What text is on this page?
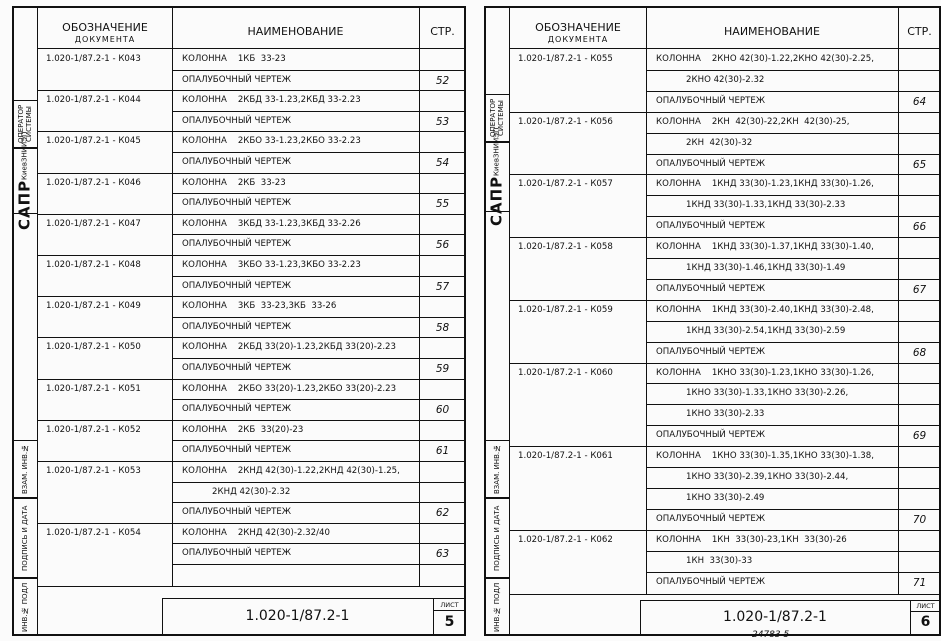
ОПЕРАТОР
СИСТЕМЫ
САПР
КиевЗНИИЭП
ВЗАМ. ИНВ.№
ПОДПИСЬ И ДАТА
ИНВ.№ ПОДЛ
ОБОЗНАЧЕНИЕ
ДОКУМЕНТА
НАИМЕНОВАНИЕ	СТР.
1.020-1/87.2-1 - К043	КОЛОННА    1КБ  33-23
ОПАЛУБОЧНЫЙ ЧЕРТЕЖ	52
1.020-1/87.2-1 - К044	КОЛОННА    2КБД 33-1.23,2КБД 33-2.23
ОПАЛУБОЧНЫЙ ЧЕРТЕЖ	53
1.020-1/87.2-1 - К045	КОЛОННА    2КБО 33-1.23,2КБО 33-2.23
ОПАЛУБОЧНЫЙ ЧЕРТЕЖ	54
1.020-1/87.2-1 - К046	КОЛОННА    2КБ  33-23
ОПАЛУБОЧНЫЙ ЧЕРТЕЖ	55
1.020-1/87.2-1 - К047	КОЛОННА    3КБД 33-1.23,3КБД 33-2.26
ОПАЛУБОЧНЫЙ ЧЕРТЕЖ	56
1.020-1/87.2-1 - К048	КОЛОННА    3КБО 33-1.23,3КБО 33-2.23
ОПАЛУБОЧНЫЙ ЧЕРТЕЖ	57
1.020-1/87.2-1 - К049	КОЛОННА    3КБ  33-23,3КБ  33-26
ОПАЛУБОЧНЫЙ ЧЕРТЕЖ	58
1.020-1/87.2-1 - К050	КОЛОННА    2КБД 33(20)-1.23,2КБД 33(20)-2.23
ОПАЛУБОЧНЫЙ ЧЕРТЕЖ	59
1.020-1/87.2-1 - К051	КОЛОННА    2КБО 33(20)-1.23,2КБО 33(20)-2.23
ОПАЛУБОЧНЫЙ ЧЕРТЕЖ	60
1.020-1/87.2-1 - К052	КОЛОННА    2КБ  33(20)-23
ОПАЛУБОЧНЫЙ ЧЕРТЕЖ	61
1.020-1/87.2-1 - К053	КОЛОННА    2КНД 42(30)-1.22,2КНД 42(30)-1.25,
2КНД 42(30)-2.32
ОПАЛУБОЧНЫЙ ЧЕРТЕЖ	62
1.020-1/87.2-1 - К054	КОЛОННА    2КНД 42(30)-2.32/40
ОПАЛУБОЧНЫЙ ЧЕРТЕЖ	63
1.020-1/87.2-1
ЛИСТ
5
ОПЕРАТОР
СИСТЕМЫ
САПР
КиевЗНИИЭП
ВЗАМ. ИНВ.№
ПОДПИСЬ И ДАТА
ИНВ.№ ПОДЛ
ОБОЗНАЧЕНИЕ
ДОКУМЕНТА
НАИМЕНОВАНИЕ	СТР.
1.020-1/87.2-1 - К055	КОЛОННА    2КНО 42(30)-1.22,2КНО 42(30)-2.25,
2КНО 42(30)-2.32
ОПАЛУБОЧНЫЙ ЧЕРТЕЖ	64
1.020-1/87.2-1 - К056	КОЛОННА    2КН  42(30)-22,2КН  42(30)-25,
2КН  42(30)-32
ОПАЛУБОЧНЫЙ ЧЕРТЕЖ	65
1.020-1/87.2-1 - К057	КОЛОННА    1КНД 33(30)-1.23,1КНД 33(30)-1.26,
1КНД 33(30)-1.33,1КНД 33(30)-2.33
ОПАЛУБОЧНЫЙ ЧЕРТЕЖ	66
1.020-1/87.2-1 - К058	КОЛОННА    1КНД 33(30)-1.37,1КНД 33(30)-1.40,
1КНД 33(30)-1.46,1КНД 33(30)-1.49
ОПАЛУБОЧНЫЙ ЧЕРТЕЖ	67
1.020-1/87.2-1 - К059	КОЛОННА    1КНД 33(30)-2.40,1КНД 33(30)-2.48,
1КНД 33(30)-2.54,1КНД 33(30)-2.59
ОПАЛУБОЧНЫЙ ЧЕРТЕЖ	68
1.020-1/87.2-1 - К060	КОЛОННА    1КНО 33(30)-1.23,1КНО 33(30)-1.26,
1КНО 33(30)-1.33,1КНО 33(30)-2.26,
1КНО 33(30)-2.33
ОПАЛУБОЧНЫЙ ЧЕРТЕЖ	69
1.020-1/87.2-1 - К061	КОЛОННА    1КНО 33(30)-1.35,1КНО 33(30)-1.38,
1КНО 33(30)-2.39,1КНО 33(30)-2.44,
1КНО 33(30)-2.49
ОПАЛУБОЧНЫЙ ЧЕРТЕЖ	70
1.020-1/87.2-1 - К062	КОЛОННА    1КН  33(30)-23,1КН  33(30)-26
1КН  33(30)-33
ОПАЛУБОЧНЫЙ ЧЕРТЕЖ	71
1.020-1/87.2-1
ЛИСТ
6
24783 5
